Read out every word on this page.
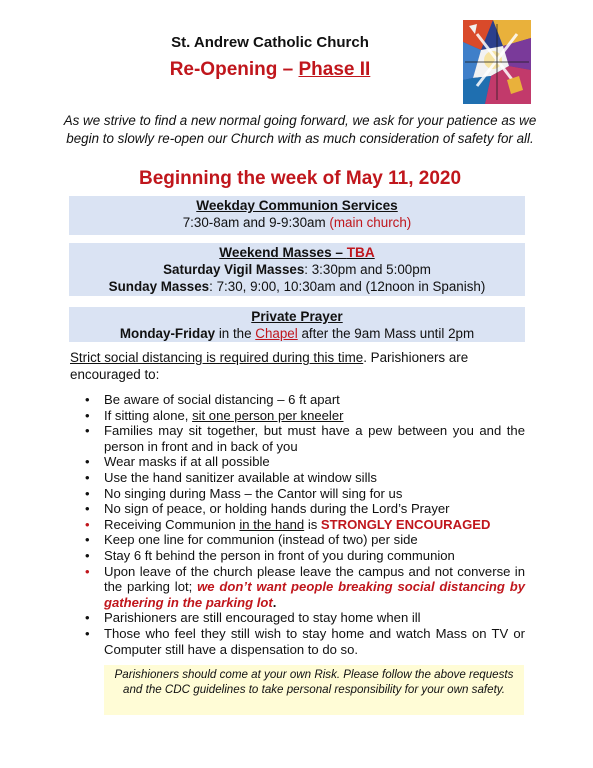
St. Andrew Catholic Church
Re-Opening – Phase II
As we strive to find a new normal going forward, we ask for your patience as we begin to slowly re-open our Church with as much consideration of safety for all.
Beginning the week of May 11, 2020
Weekday Communion Services
7:30-8am and 9-9:30am (main church)
Weekend Masses – TBA
Saturday Vigil Masses: 3:30pm and 5:00pm
Sunday Masses: 7:30, 9:00, 10:30am and (12noon in Spanish)
Private Prayer
Monday-Friday in the Chapel after the 9am Mass until 2pm
Strict social distancing is required during this time. Parishioners are encouraged to:
• Be aware of social distancing – 6 ft apart
• If sitting alone, sit one person per kneeler
• Families may sit together, but must have a pew between you and the person in front and in back of you
• Wear masks if at all possible
• Use the hand sanitizer available at window sills
• No singing during Mass – the Cantor will sing for us
• No sign of peace, or holding hands during the Lord’s Prayer
• Receiving Communion in the hand is STRONGLY ENCOURAGED
• Keep one line for communion (instead of two) per side
• Stay 6 ft behind the person in front of you during communion
• Upon leave of the church please leave the campus and not converse in the parking lot; we don’t want people breaking social distancing by gathering in the parking lot.
• Parishioners are still encouraged to stay home when ill
• Those who feel they still wish to stay home and watch Mass on TV or Computer still have a dispensation to do so.
Parishioners should come at your own Risk. Please follow the above requests and the CDC guidelines to take personal responsibility for your own safety.
